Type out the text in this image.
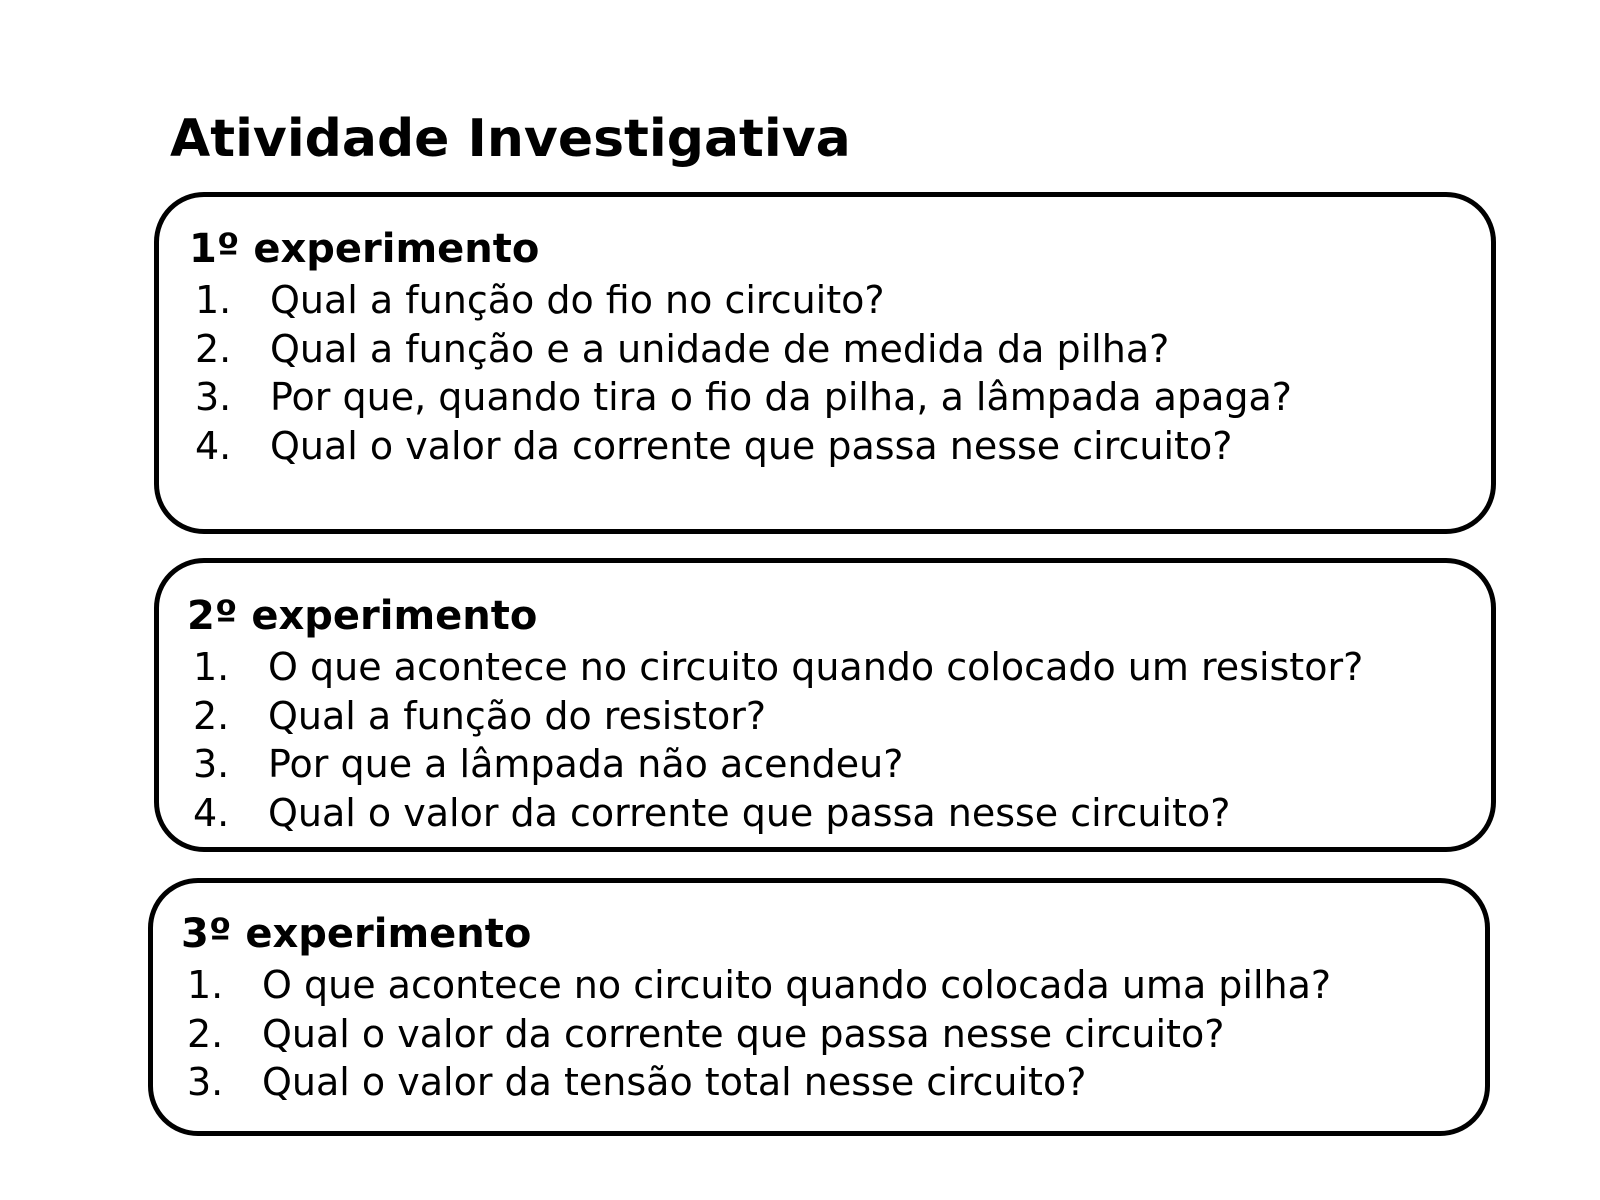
Atividade Investigativa
1º experimento
1.	Qual a função do fio no circuito?
2.	Qual a função e a unidade de medida da pilha?
3.	Por que, quando tira o fio da pilha, a lâmpada apaga?
4.	Qual o valor da corrente que passa nesse circuito?
2º experimento
1.	O que acontece no circuito quando colocado um resistor?
2.	Qual a função do resistor?
3.	Por que a lâmpada não acendeu?
4.	Qual o valor da corrente que passa nesse circuito?
3º experimento
1.	O que acontece no circuito quando colocada uma pilha?
2.	Qual o valor da corrente que passa nesse circuito?
3.	Qual o valor da tensão total nesse circuito?
